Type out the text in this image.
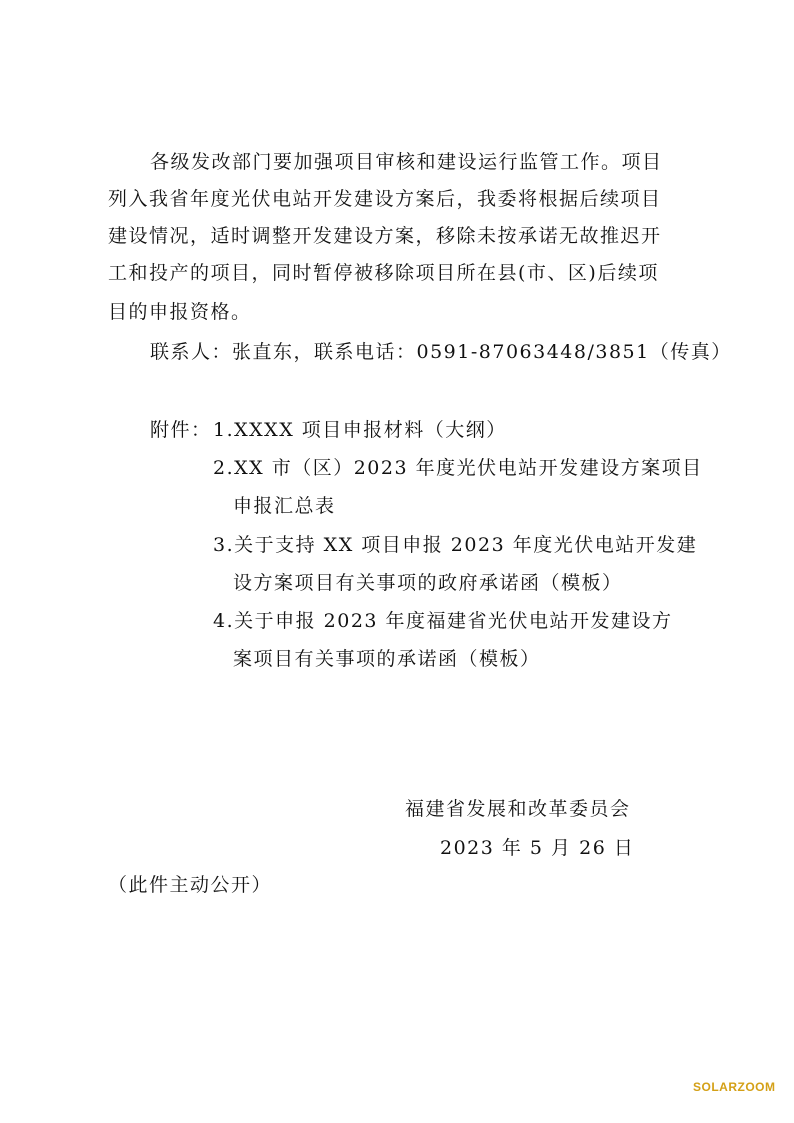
各级发改部门要加强项目审核和建设运行监管工作。项目
列入我省年度光伏电站开发建设方案后，我委将根据后续项目
建设情况，适时调整开发建设方案，移除未按承诺无故推迟开
工和投产的项目，同时暂停被移除项目所在县(市、区)后续项
目的申报资格。
联系人：张直东，联系电话：0591-87063448/3851（传真）
附件： 1.XXXX 项目申报材料（大纲）
2.XX 市（区）2023 年度光伏电站开发建设方案项目
申报汇总表
3.关于支持 XX 项目申报 2023 年度光伏电站开发建
设方案项目有关事项的政府承诺函（模板）
4.关于申报 2023 年度福建省光伏电站开发建设方
案项目有关事项的承诺函（模板）
福建省发展和改革委员会
2023 年 5 月 26 日
（此件主动公开）
SOLARZOOM
